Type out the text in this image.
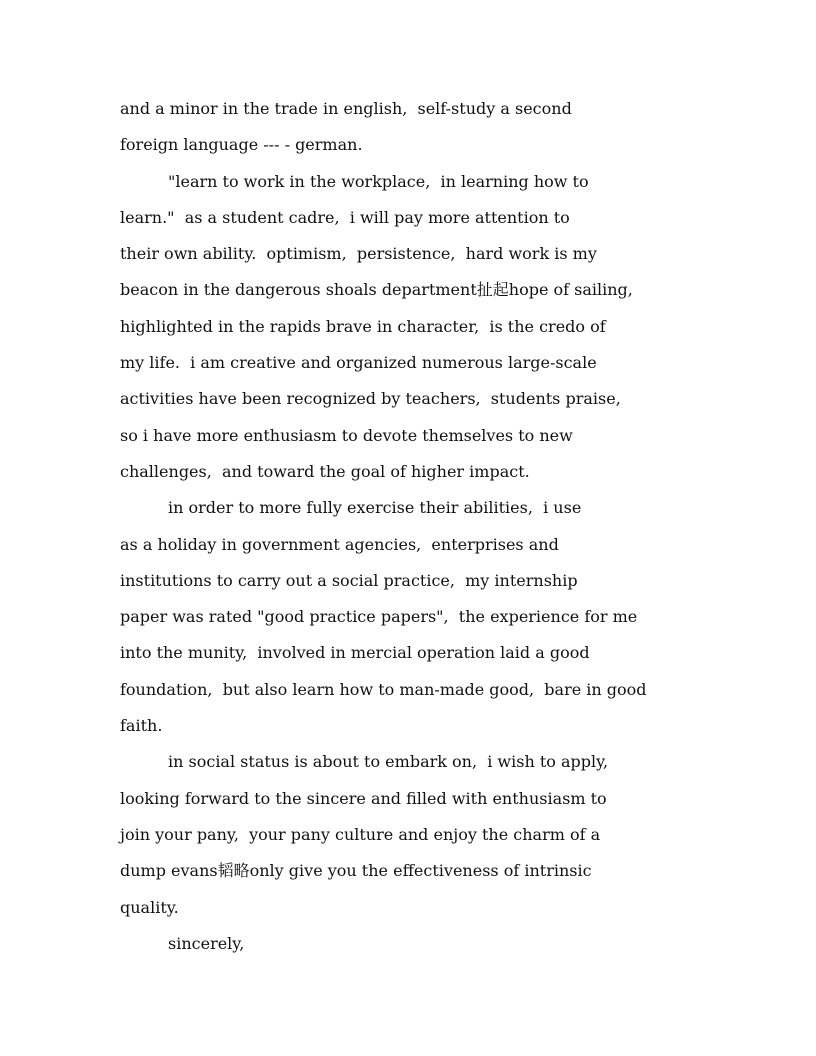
and a minor in the trade in english,  self-study a second
foreign language --- - german.
"learn to work in the workplace,  in learning how to
learn."  as a student cadre,  i will pay more attention to
their own ability.  optimism,  persistence,  hard work is my
beacon in the dangerous shoals department扯起hope of sailing,
highlighted in the rapids brave in character,  is the credo of
my life.  i am creative and organized numerous large-scale
activities have been recognized by teachers,  students praise,
so i have more enthusiasm to devote themselves to new
challenges,  and toward the goal of higher impact.
in order to more fully exercise their abilities,  i use
as a holiday in government agencies,  enterprises and
institutions to carry out a social practice,  my internship
paper was rated "good practice papers",  the experience for me
into the munity,  involved in mercial operation laid a good
foundation,  but also learn how to man-made good,  bare in good
faith.
in social status is about to embark on,  i wish to apply,
looking forward to the sincere and filled with enthusiasm to
join your pany,  your pany culture and enjoy the charm of a
dump evans韬略only give you the effectiveness of intrinsic
quality.
sincerely,
